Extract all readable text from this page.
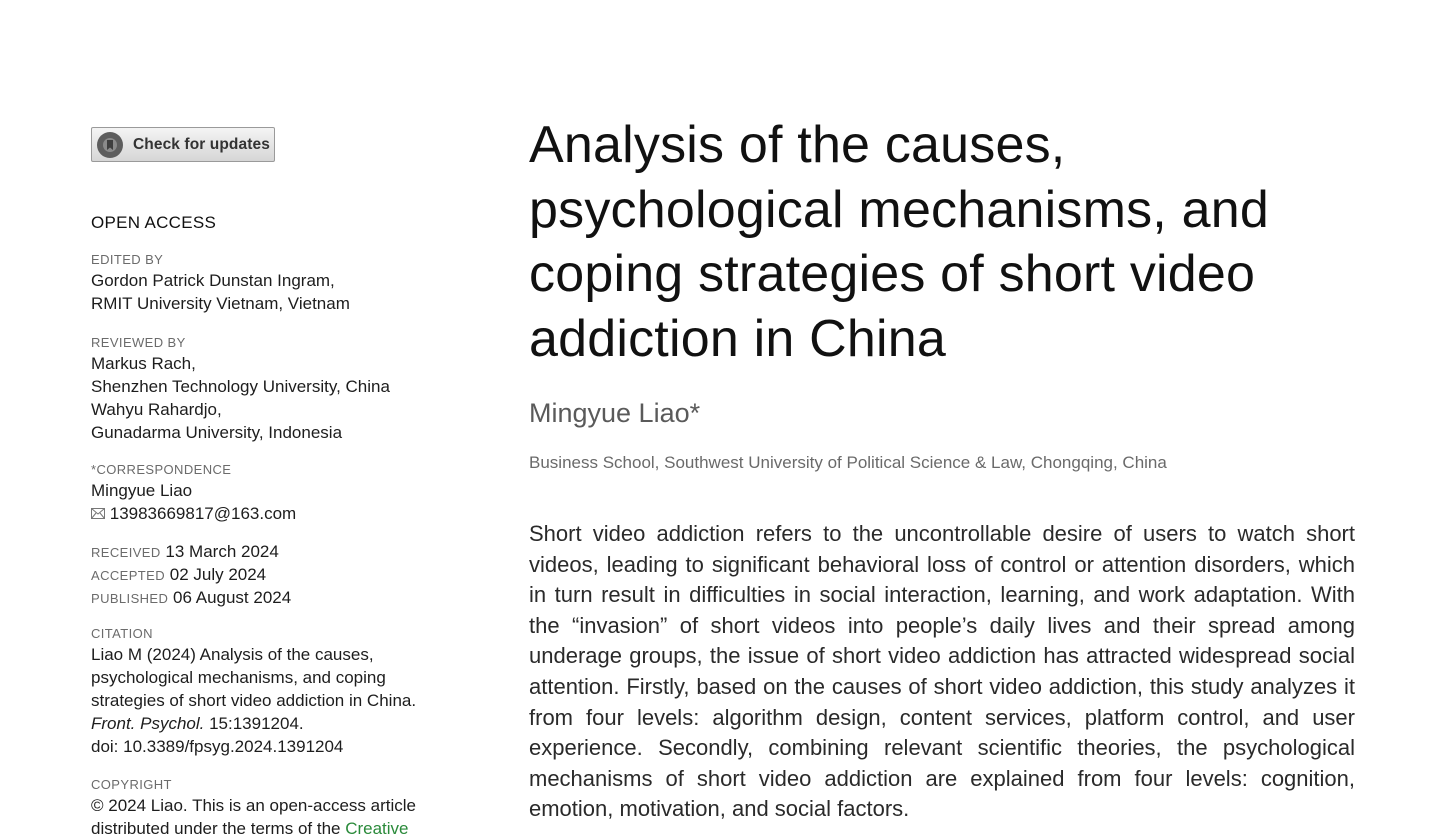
Check for updates
OPEN ACCESS
EDITED BY
Gordon Patrick Dunstan Ingram,
RMIT University Vietnam, Vietnam
REVIEWED BY
Markus Rach,
Shenzhen Technology University, China
Wahyu Rahardjo,
Gunadarma University, Indonesia
*CORRESPONDENCE
Mingyue Liao
13983669817@163.com
RECEIVED 13 March 2024
ACCEPTED 02 July 2024
PUBLISHED 06 August 2024
CITATION
Liao M (2024) Analysis of the causes,
psychological mechanisms, and coping
strategies of short video addiction in China.
Front. Psychol. 15:1391204.
doi: 10.3389/fpsyg.2024.1391204
COPYRIGHT
© 2024 Liao. This is an open-access article
distributed under the terms of the Creative
Analysis of the causes,
psychological mechanisms, and
coping strategies of short video
addiction in China
Mingyue Liao*
Business School, Southwest University of Political Science & Law, Chongqing, China

Short video addiction refers to the uncontrollable desire of users to watch short videos, leading to significant behavioral loss of control or attention disorders, which in turn result in difficulties in social interaction, learning, and work adaptation. With the “invasion” of short videos into people’s daily lives and their spread among underage groups, the issue of short video addiction has attracted widespread social attention. Firstly, based on the causes of short video addiction, this study analyzes it from four levels: algorithm design, content services, platform control, and user experience. Secondly, combining relevant scientific theories, the psychological mechanisms of short video addiction are explained from four levels: cognition, emotion, motivation, and social factors.
